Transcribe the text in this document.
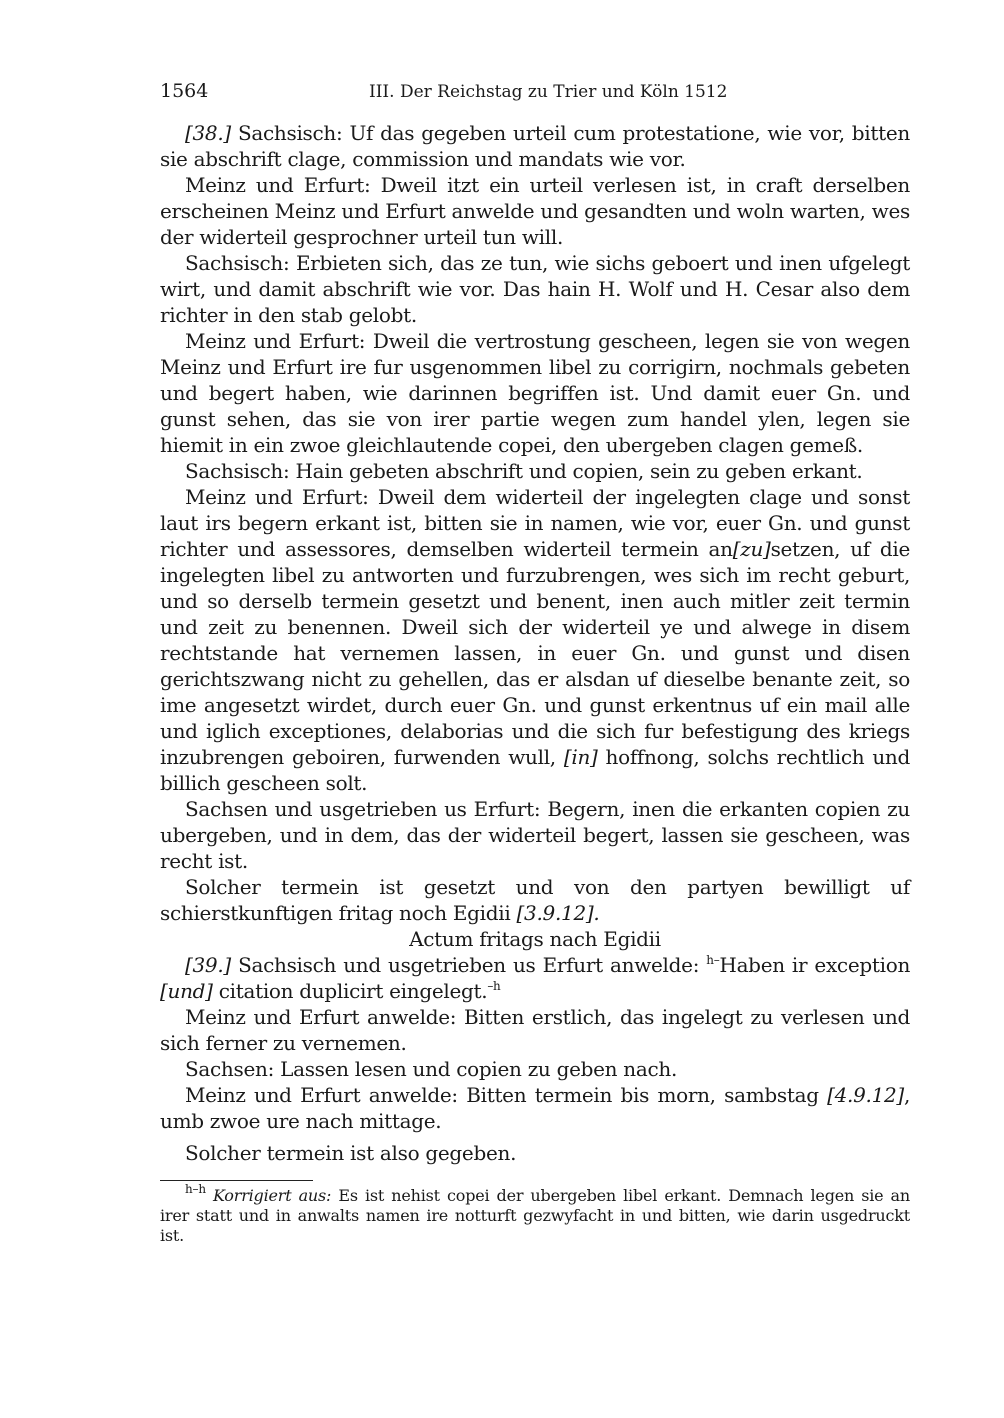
1564	III. Der Reichstag zu Trier und Köln 1512

[38.] Sachsisch: Uf das gegeben urteil cum protestatione, wie vor, bitten sie abschrift clage, commission und mandats wie vor.

Meinz und Erfurt: Dweil itzt ein urteil verlesen ist, in craft derselben erscheinen Meinz und Erfurt anwelde und gesandten und woln warten, wes der widerteil gesprochner urteil tun will.

Sachsisch: Erbieten sich, das ze tun, wie sichs geboert und inen ufgelegt wirt, und damit abschrift wie vor. Das hain H. Wolf und H. Cesar also dem richter in den stab gelobt.

Meinz und Erfurt: Dweil die vertrostung gescheen, legen sie von wegen Meinz und Erfurt ire fur usgenommen libel zu corrigirn, nochmals gebeten und begert haben, wie darinnen begriffen ist. Und damit euer Gn. und gunst sehen, das sie von irer partie wegen zum handel ylen, legen sie hiemit in ein zwoe gleichlautende copei, den ubergeben clagen gemeß.

Sachsisch: Hain gebeten abschrift und copien, sein zu geben erkant.

Meinz und Erfurt: Dweil dem widerteil der ingelegten clage und sonst laut irs begern erkant ist, bitten sie in namen, wie vor, euer Gn. und gunst richter und assessores, demselben widerteil termein an[zu]setzen, uf die ingelegten libel zu antworten und furzubrengen, wes sich im recht geburt, und so derselb termein gesetzt und benent, inen auch mitler zeit termin und zeit zu benennen. Dweil sich der widerteil ye und alwege in disem rechtstande hat vernemen lassen, in euer Gn. und gunst und disen gerichtszwang nicht zu gehellen, das er alsdan uf dieselbe benante zeit, so ime angesetzt wirdet, durch euer Gn. und gunst erkentnus uf ein mail alle und iglich exceptiones, delaborias und die sich fur befestigung des kriegs inzubrengen geboiren, furwenden wull, [in] hoffnong, solchs rechtlich und billich gescheen solt.

Sachsen und usgetrieben us Erfurt: Begern, inen die erkanten copien zu ubergeben, und in dem, das der widerteil begert, lassen sie gescheen, was recht ist.

Solcher termein ist gesetzt und von den partyen bewilligt uf schierstkunftigen fritag noch Egidii [3.9.12].

Actum fritags nach Egidii

[39.] Sachsisch und usgetrieben us Erfurt anwelde: $^{h-}$Haben ir exception [und] citation duplicirt eingelegt.$^{-h}$

Meinz und Erfurt anwelde: Bitten erstlich, das ingelegt zu verlesen und sich ferner zu vernemen.

Sachsen: Lassen lesen und copien zu geben nach.

Meinz und Erfurt anwelde: Bitten termein bis morn, sambstag [4.9.12], umb zwoe ure nach mittage.

Solcher termein ist also gegeben.

$^{h-h}$ Korrigiert aus: Es ist nehist copei der ubergeben libel erkant. Demnach legen sie an irer statt und in anwalts namen ire notturft gezwyfacht in und bitten, wie darin usgedruckt ist.
